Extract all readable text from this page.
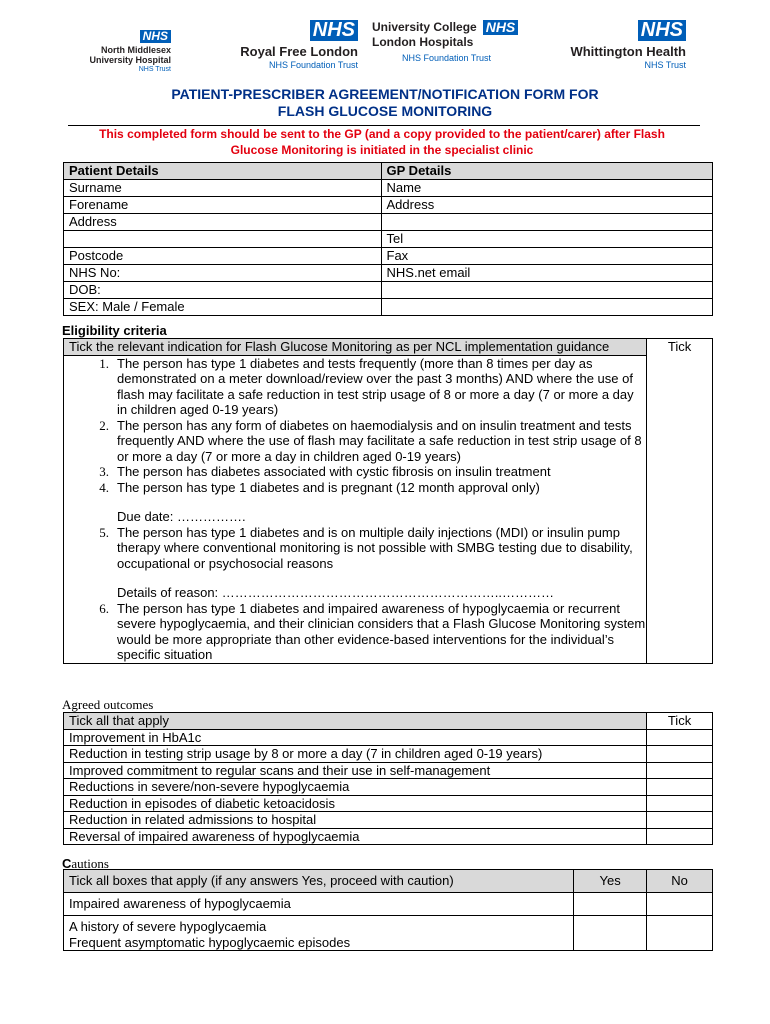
NHS
North Middlesex
University Hospital
NHS Trust
NHS
Royal Free London
NHS Foundation Trust
University College
London Hospitals
NHS
NHS Foundation Trust
NHS
Whittington Health
NHS Trust
PATIENT-PRESCRIBER AGREEMENT/NOTIFICATION FORM FOR
FLASH GLUCOSE MONITORING
This completed form should be sent to the GP (and a copy provided to the patient/carer) after Flash
Glucose Monitoring is initiated in the specialist clinic
Patient Details	GP Details
Surname	Name
Forename	Address
Address	
	Tel
Postcode	Fax
NHS No:	NHS.net email
DOB:	
SEX: Male / Female	
Eligibility criteria
Tick the relevant indication for Flash Glucose Monitoring as per NCL implementation guidance	Tick

1. The person has type 1 diabetes and tests frequently (more than 8 times per day as demonstrated on a meter download/review over the past 3 months) AND where the use of flash may facilitate a safe reduction in test strip usage of 8 or more a day (7 or more a day in children aged 0-19 years)

2. The person has any form of diabetes on haemodialysis and on insulin treatment and tests frequently AND where the use of flash may facilitate a safe reduction in test strip usage of 8 or more a day (7 or more a day in children aged 0-19 years)

3. The person has diabetes associated with cystic fibrosis on insulin treatment

4. The person has type 1 diabetes and is pregnant (12 month approval only)
Due date: …………….

5. The person has type 1 diabetes and is on multiple daily injections (MDI) or insulin pump therapy where conventional monitoring is not possible with SMBG testing due to disability, occupational or psychosocial reasons
Details of reason: ………………………………………………………..…………

6. The person has type 1 diabetes and impaired awareness of hypoglycaemia or recurrent severe hypoglycaemia, and their clinician considers that a Flash Glucose Monitoring system would be more appropriate than other evidence-based interventions for the individual’s specific situation
Agreed outcomes
Tick all that apply	Tick
Improvement in HbA1c	
Reduction in testing strip usage by 8 or more a day (7 in children aged 0-19 years)	
Improved commitment to regular scans and their use in self-management	
Reductions in severe/non-severe hypoglycaemia	
Reduction in episodes of diabetic ketoacidosis	
Reduction in related admissions to hospital	
Reversal of impaired awareness of hypoglycaemia	
Cautions
Tick all boxes that apply (if any answers Yes, proceed with caution)	Yes	No
Impaired awareness of hypoglycaemia		

A history of severe hypoglycaemia
Frequent asymptomatic hypoglycaemic episodes		
